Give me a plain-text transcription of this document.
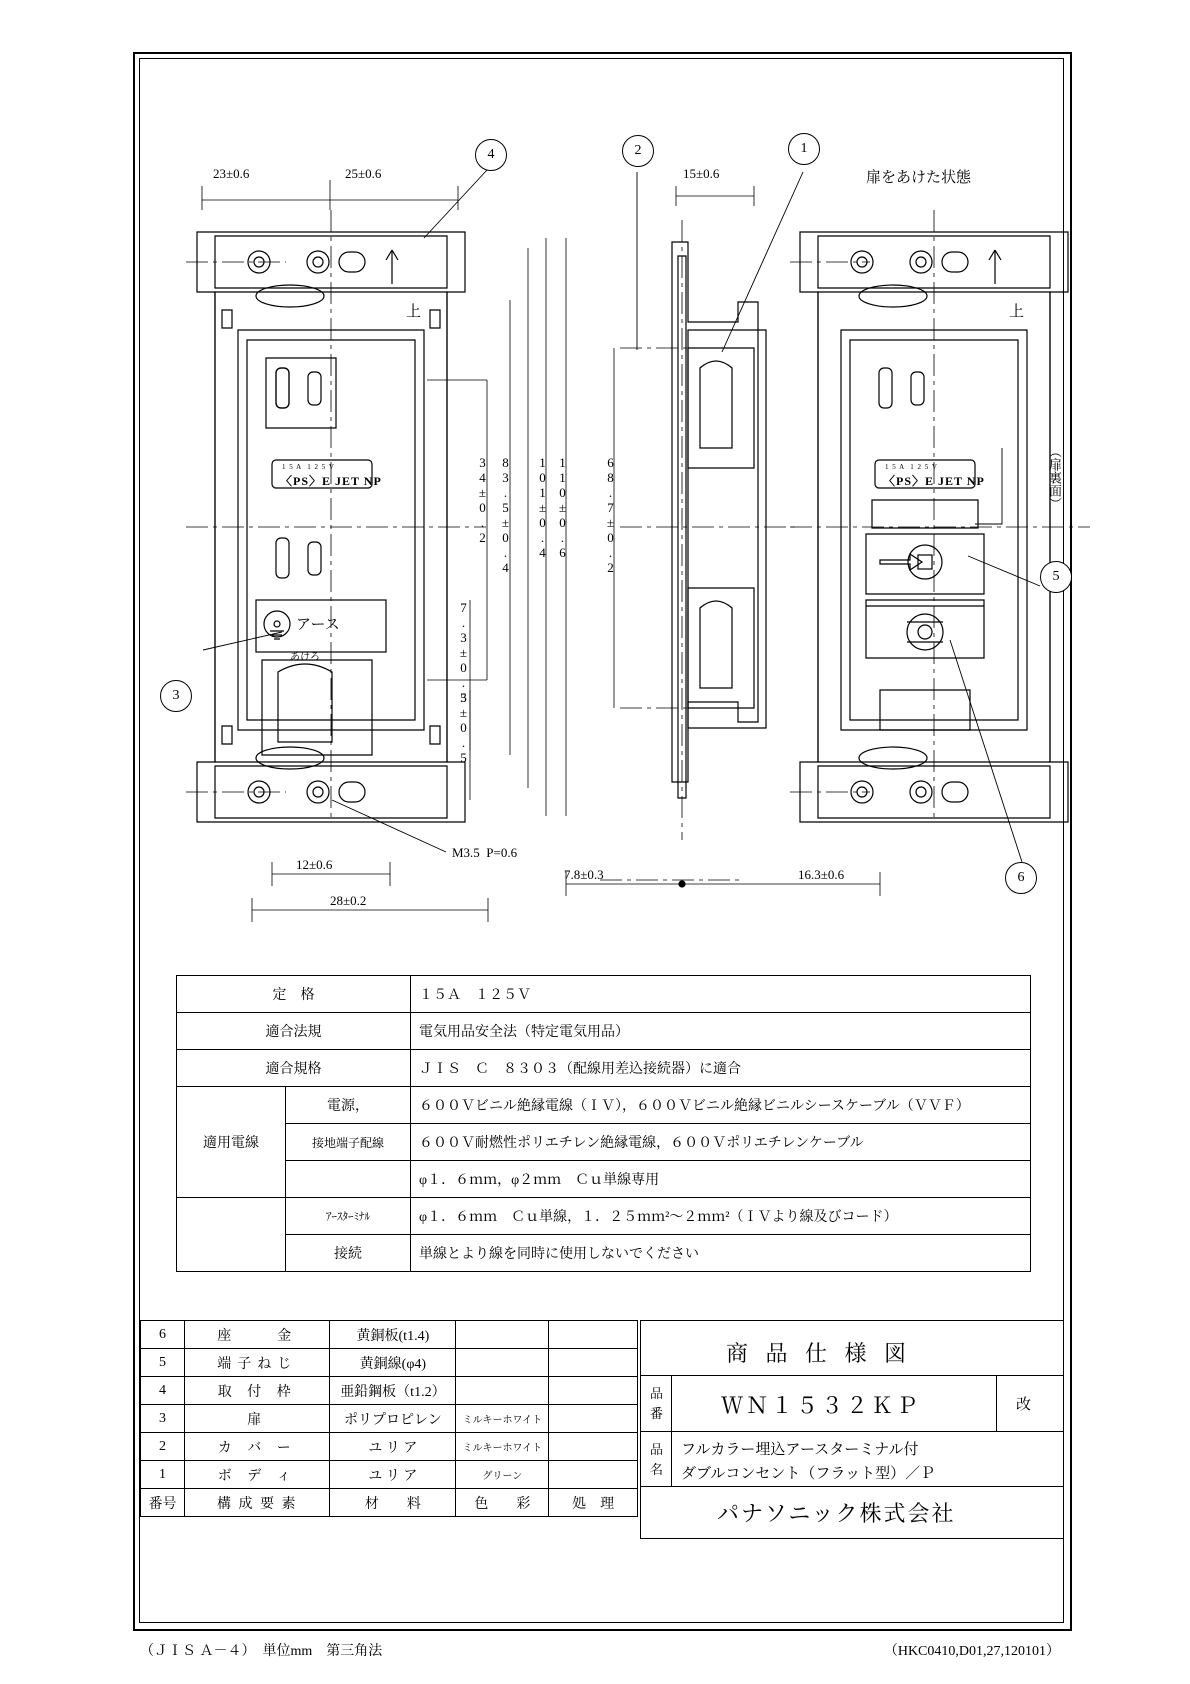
4	2	1
3
5
6
23±0.6	25±0.6	15±0.6	扉をあけた状態
34±0.2 83.5±0.4 101±0.4 110±0.6
7.3±0.3
5±0.5
68.7±0.2
M3.5  P=0.6
12±0.6
28±0.2
7.8±0.3	16.3±0.6
上	上
（扉裏面）
アース
あけろ
1 5 A  1 2 5 V
〈PS〉E JET NP
1 5 A  1 2 5 V
〈PS〉E JET NP
定　格		１５Ａ　１２５Ｖ
適合法規		電気用品安全法（特定電気用品）
適合規格		ＪＩＳ　Ｃ　８３０３（配線用差込接続器）に適合
適用電線	電源，	６００Ｖビニル絶縁電線（ＩＶ），６００Ｖビニル絶縁ビニルシースケーブル（ＶＶＦ）
	接地端子配線	６００Ｖ耐燃性ポリエチレン絶縁電線，６００Ｖポリエチレンケーブル
		φ１．６ｍｍ，φ２ｍｍ　Ｃｕ単線専用
	ｱｰｽﾀｰﾐﾅﾙ	φ１．６ｍｍ　Ｃｕ単線，１．２５ｍｍ²〜２ｍｍ²（ＩＶより線及びコード）
	接続	単線とより線を同時に使用しないでください
6	座　　金	黄銅板(t1.4)		
5	端子ねじ	黄銅線(φ4)		
4	取 付 枠	亜鉛鋼板（t1.2）		
3	扉	ポリプロピレン	ミルキーホワイト	
2	カ バ ー	ユ リ ア	ミルキーホワイト	
1	ボ デ ィ	ユ リ ア	グリーン	
番号	構 成 要 素	材　　料	色　　彩	処　理
商 品 仕 様 図
品
番	ＷＮ１５３２ＫＰ	改
品
名
フルカラー埋込アースターミナル付
ダブルコンセント（フラット型）／Ｐ
パナソニック株式会社
（ＪＩＳ Ａ－４）　単位mm　第三角法	（HKC0410,D01,27,120101）
